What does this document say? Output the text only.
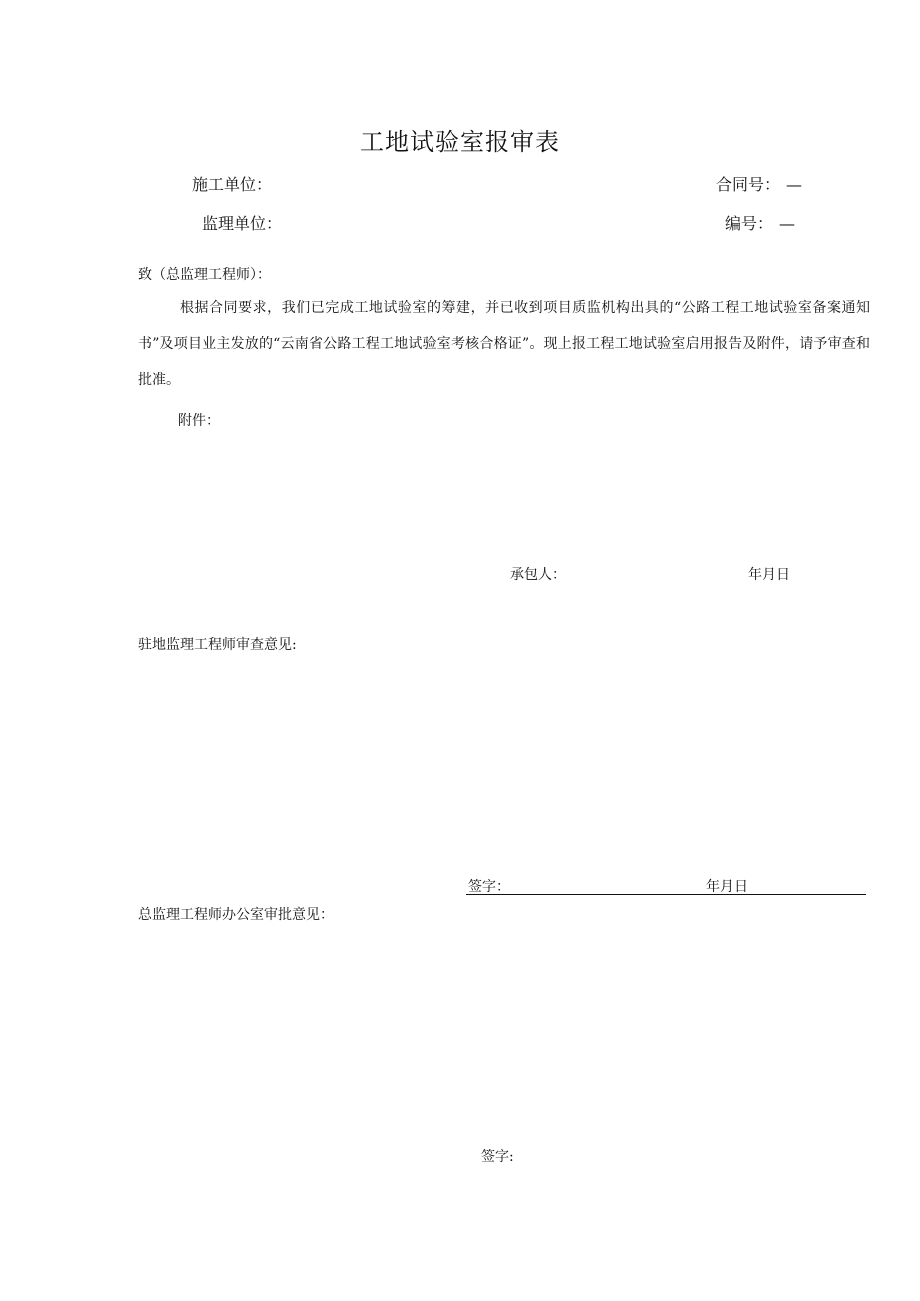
工地试验室报审表
施工单位：	合同号： —
监理单位：	编号： —
致（总监理工程师）：
根据合同要求，我们已完成工地试验室的筹建，并已收到项目质监机构出具的“公路工程工地试验室备案通知书”及项目业主发放的“云南省公路工程工地试验室考核合格证”。现上报工程工地试验室启用报告及附件，请予审查和批准。
附件：
承包人：	年月日
驻地监理工程师审查意见:
签字：	年月日
总监理工程师办公室审批意见：
签字:
